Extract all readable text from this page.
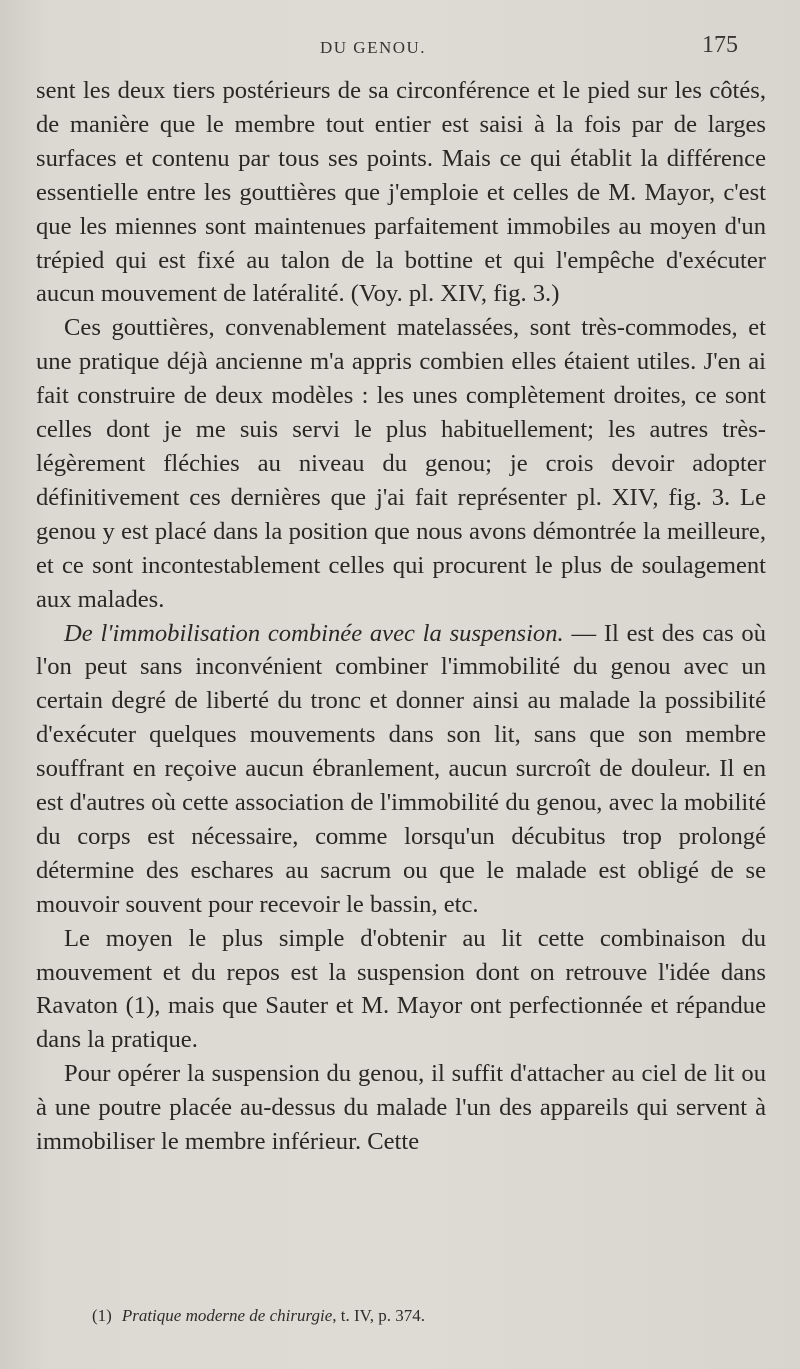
DU GENOU.	175

sent les deux tiers postérieurs de sa circonférence et le pied sur les côtés, de manière que le membre tout entier est saisi à la fois par de larges surfaces et contenu par tous ses points. Mais ce qui établit la différence essentielle entre les gouttières que j'emploie et celles de M. Mayor, c'est que les miennes sont maintenues parfaitement immobiles au moyen d'un trépied qui est fixé au talon de la bottine et qui l'empêche d'exécuter aucun mouvement de latéralité. (Voy. pl. XIV, fig. 3.)

Ces gouttières, convenablement matelassées, sont très-commodes, et une pratique déjà ancienne m'a appris combien elles étaient utiles. J'en ai fait construire de deux modèles : les unes complètement droites, ce sont celles dont je me suis servi le plus habituellement; les autres très-légèrement fléchies au niveau du genou; je crois devoir adopter définitivement ces dernières que j'ai fait représenter pl. XIV, fig. 3. Le genou y est placé dans la position que nous avons démontrée la meilleure, et ce sont incontestablement celles qui procurent le plus de soulagement aux malades.

De l'immobilisation combinée avec la suspension. — Il est des cas où l'on peut sans inconvénient combiner l'immobilité du genou avec un certain degré de liberté du tronc et donner ainsi au malade la possibilité d'exécuter quelques mouvements dans son lit, sans que son membre souffrant en reçoive aucun ébranlement, aucun surcroît de douleur. Il en est d'autres où cette association de l'immobilité du genou, avec la mobilité du corps est nécessaire, comme lorsqu'un décubitus trop prolongé détermine des eschares au sacrum ou que le malade est obligé de se mouvoir souvent pour recevoir le bassin, etc.

Le moyen le plus simple d'obtenir au lit cette combinaison du mouvement et du repos est la suspension dont on retrouve l'idée dans Ravaton (1), mais que Sauter et M. Mayor ont perfectionnée et répandue dans la pratique.

Pour opérer la suspension du genou, il suffit d'attacher au ciel de lit ou à une poutre placée au-dessus du malade l'un des appareils qui servent à immobiliser le membre inférieur. Cette

(1) Pratique moderne de chirurgie, t. IV, p. 374.
